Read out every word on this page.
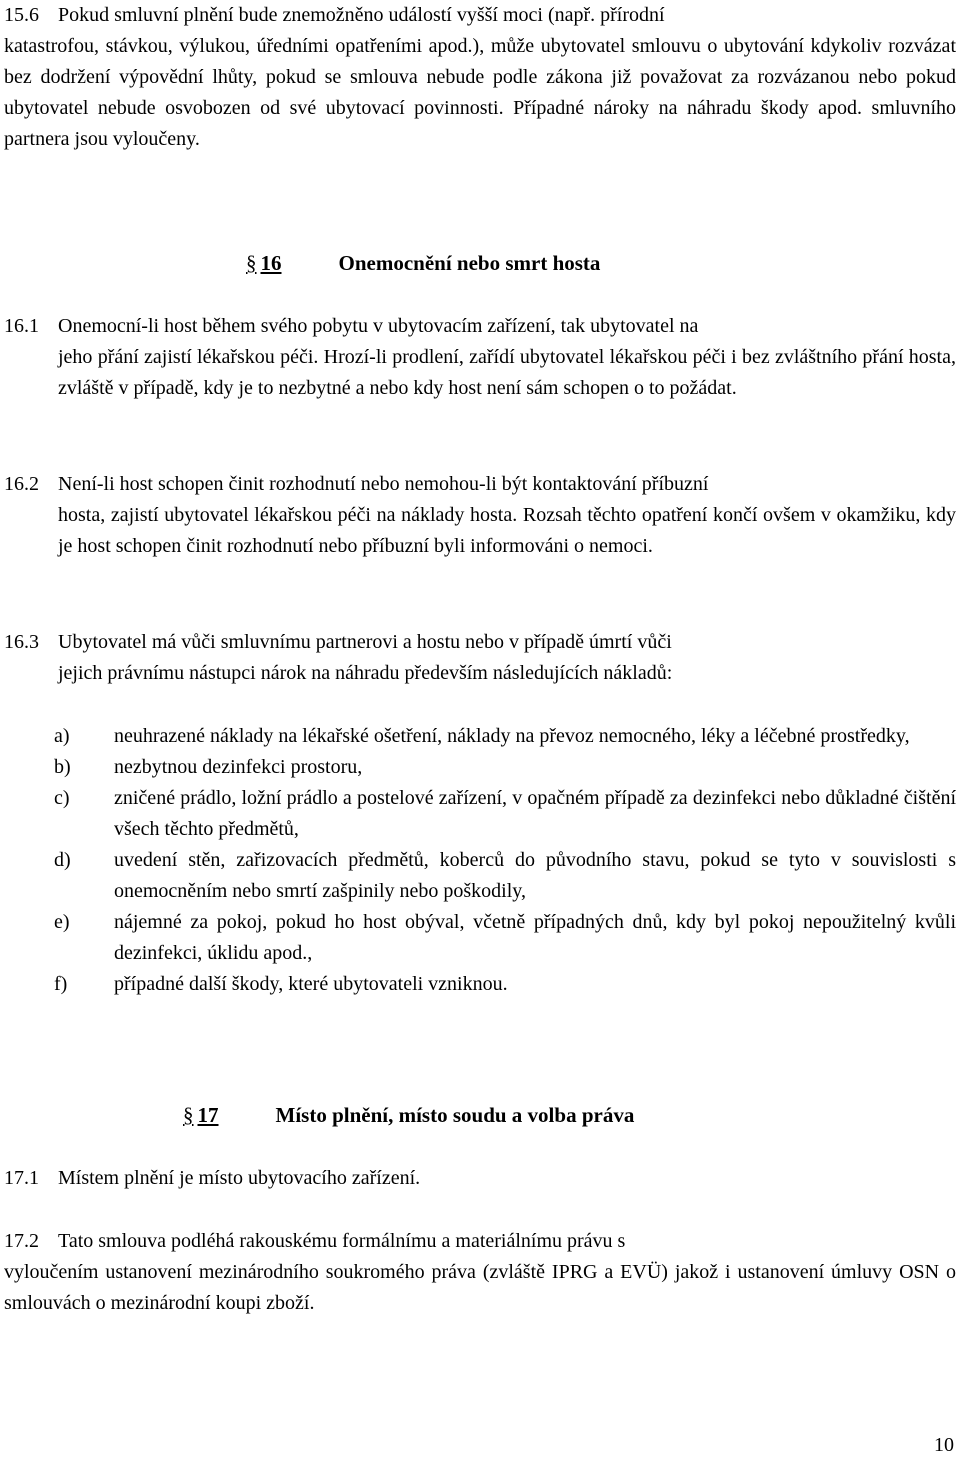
15.6 Pokud smluvní plnění bude znemožněno událostí vyšší moci (např. přírodní
katastrofou, stávkou, výlukou, úředními opatřeními apod.), může ubytovatel smlouvu o ubytování kdykoliv rozvázat bez dodržení výpovědní lhůty, pokud se smlouva nebude podle zákona již považovat za rozvázanou nebo pokud ubytovatel nebude osvobozen od své ubytovací povinnosti. Případné nároky na náhradu škody apod. smluvního partnera jsou vyloučeny.
§ 16	Onemocnění nebo smrt hosta
16.1 Onemocní-li host během svého pobytu v ubytovacím zařízení, tak ubytovatel na
jeho přání zajistí lékařskou péči. Hrozí-li prodlení, zařídí ubytovatel lékařskou péči i bez zvláštního přání hosta, zvláště v případě, kdy je to nezbytné a nebo kdy host není sám schopen o to požádat.
16.2 Není-li host schopen činit rozhodnutí nebo nemohou-li být kontaktování příbuzní
hosta, zajistí ubytovatel lékařskou péči na náklady hosta. Rozsah těchto opatření končí ovšem v okamžiku, kdy je host schopen činit rozhodnutí nebo příbuzní byli informováni o nemoci.
16.3 Ubytovatel má vůči smluvnímu partnerovi a hostu nebo v případě úmrtí vůči
jejich právnímu nástupci nárok na náhradu především následujících nákladů:
a) neuhrazené náklady na lékařské ošetření, náklady na převoz nemocného, léky a léčebné prostředky,
b) nezbytnou dezinfekci prostoru,
c) zničené prádlo, ložní prádlo a postelové zařízení, v opačném případě za dezinfekci nebo důkladné čištění všech těchto předmětů,
d) uvedení stěn, zařizovacích předmětů, koberců do původního stavu, pokud se tyto v souvislosti s onemocněním nebo smrtí zašpinily nebo poškodily,
e) nájemné za pokoj, pokud ho host obýval, včetně případných dnů, kdy byl pokoj nepoužitelný kvůli dezinfekci, úklidu apod.,
f) případné další škody, které ubytovateli vzniknou.
§ 17	Místo plnění, místo soudu a volba práva
17.1 Místem plnění je místo ubytovacího zařízení.
17.2 Tato smlouva podléhá rakouskému formálnímu a materiálnímu právu s
vyloučením ustanovení mezinárodního soukromého práva (zvláště IPRG a EVÜ) jakož i ustanovení úmluvy OSN o smlouvách o mezinárodní koupi zboží.
10
